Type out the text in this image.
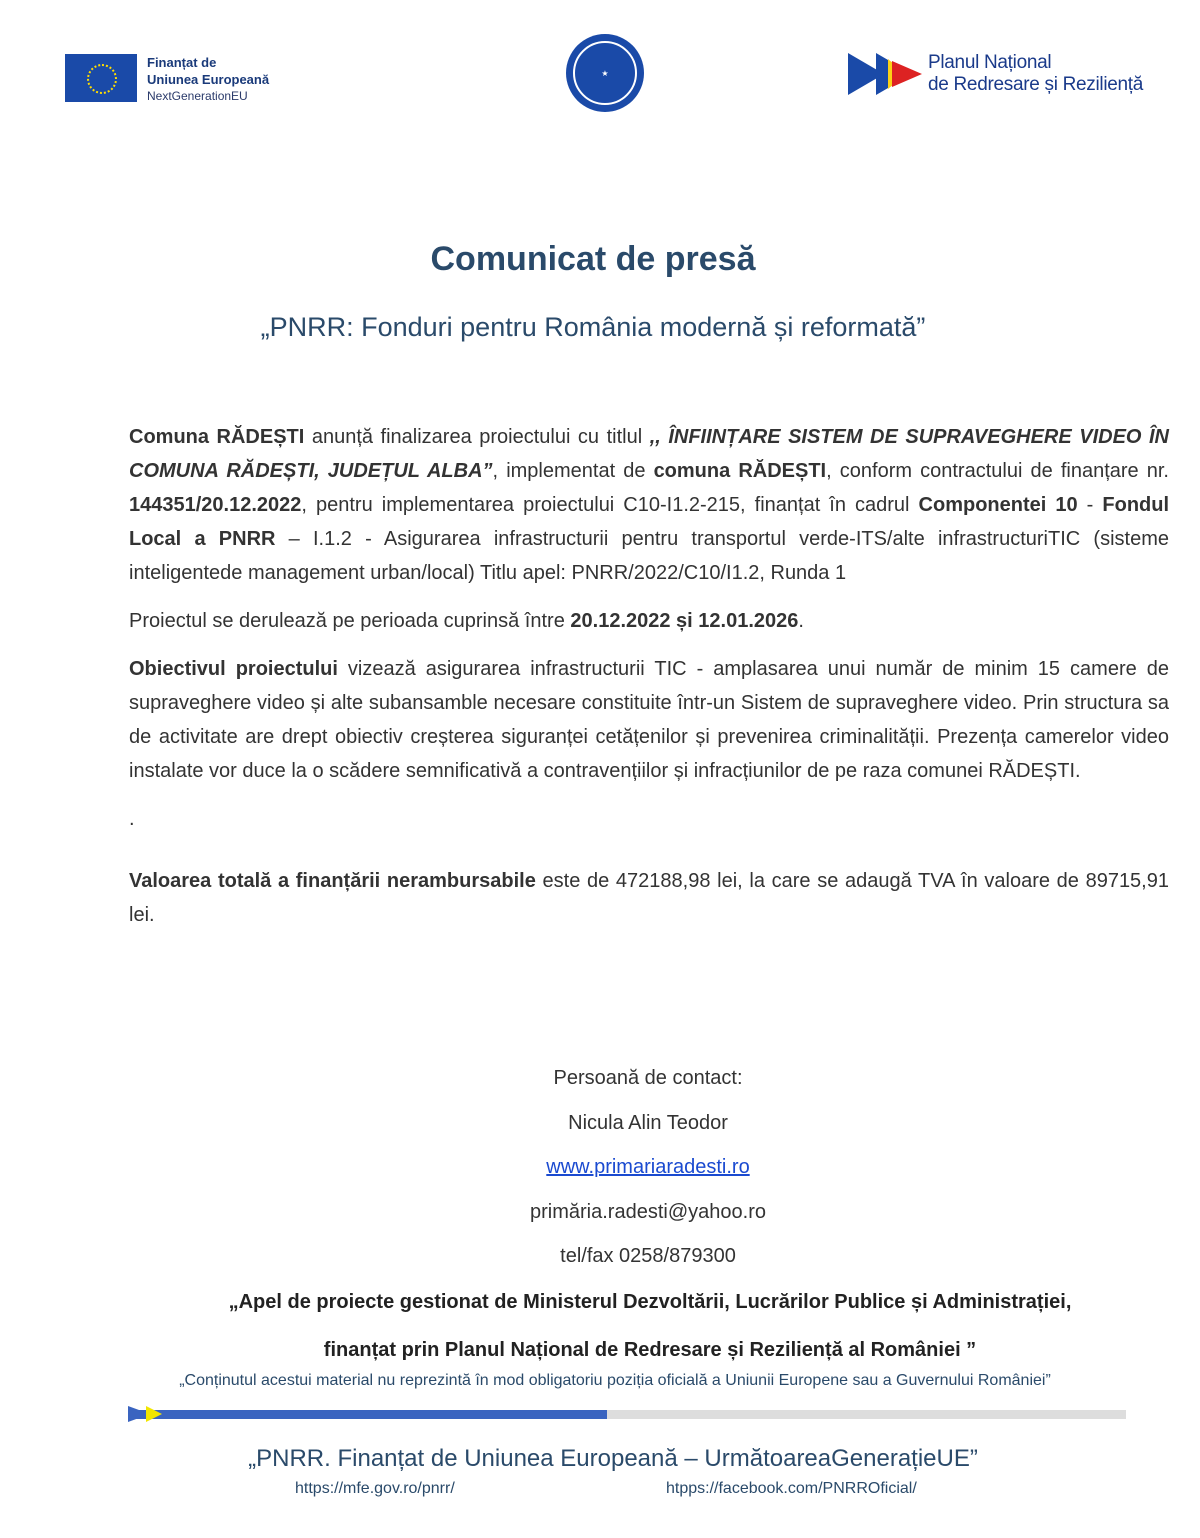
Finanțat de
Uniunea Europeană
NextGenerationEU
★	Planul Național
de Redresare și Reziliență
Comunicat de presă
„PNRR: Fonduri pentru România modernă și reformată”

Comuna RĂDEȘTI anunță finalizarea proiectului cu titlul ,, ÎNFIINȚARE SISTEM DE SUPRAVEGHERE VIDEO ÎN COMUNA RĂDEȘTI, JUDEȚUL ALBA”, implementat de comuna RĂDEȘTI, conform contractului de finanțare nr. 144351/20.12.2022, pentru implementarea proiectului C10-I1.2-215, finanțat în cadrul Componentei 10 - Fondul Local a PNRR – I.1.2 - Asigurarea infrastructurii pentru transportul verde-ITS/alte infrastructuriTIC (sisteme inteligentede management urban/local) Titlu apel: PNRR/2022/C10/I1.2, Runda 1

Proiectul se derulează pe perioada cuprinsă între 20.12.2022 și 12.01.2026.

Obiectivul proiectului vizează asigurarea infrastructurii TIC - amplasarea unui număr de minim 15 camere de supraveghere video și alte subansamble necesare constituite într-un Sistem de supraveghere video. Prin structura sa de activitate are drept obiectiv creșterea siguranței cetățenilor și prevenirea criminalității. Prezența camerelor video instalate vor duce la o scădere semnificativă a contravențiilor și infracțiunilor de pe raza comunei RĂDEȘTI.

.

Valoarea totală a finanțării nerambursabile este de 472188,98 lei, la care se adaugă TVA în valoare de 89715,91 lei.

Persoană de contact:
Nicula Alin Teodor
www.primariaradesti.ro
primăria.radesti@yahoo.ro
tel/fax 0258/879300
„Apel de proiecte gestionat de Ministerul Dezvoltării, Lucrărilor Publice și Administrației,
finanțat prin Planul Național de Redresare și Reziliență al României ”
„Conținutul acestui material nu reprezintă în mod obligatoriu poziția oficială a Uniunii Europene sau a Guvernului României”
„PNRR. Finanțat de Uniunea Europeană – UrmătoareaGenerațieUE”
https://mfe.gov.ro/pnrr/	htpps://facebook.com/PNRROficial/
